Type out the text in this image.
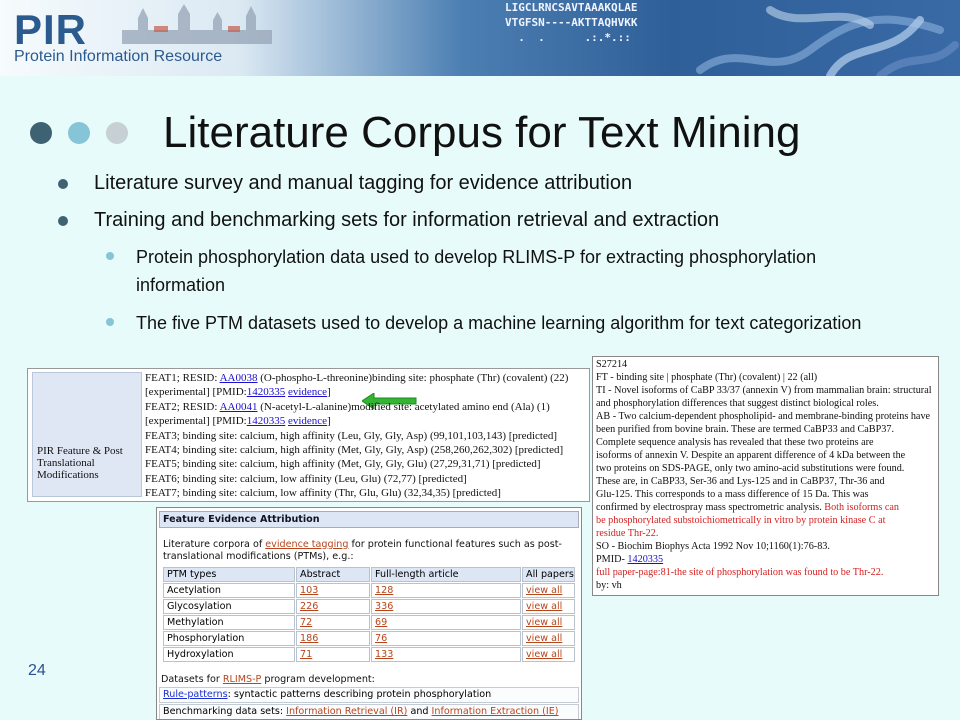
PIR
Protein Information Resource
LIGCLRNCSAVTAAAKQLAE
VTGFSN----AKTTAQHVKK
.  .      .:.*.::
Literature Corpus for Text Mining
Literature survey and manual tagging for evidence attribution
Training and benchmarking sets for information retrieval and extraction
Protein phosphorylation data used to develop RLIMS-P for extracting phosphorylation information
The five PTM datasets used to develop a machine learning algorithm for text categorization
PIR Feature & Post Translational Modifications
FEAT1; RESID: AA0038 (O-phospho-L-threonine)binding site: phosphate (Thr) (covalent) (22)
[experimental] [PMID:1420335 evidence]
FEAT2; RESID: AA0041 (N-acetyl-L-alanine)modified site: acetylated amino end (Ala) (1)
[experimental] [PMID:1420335 evidence]
FEAT3; binding site: calcium, high affinity (Leu, Gly, Gly, Asp) (99,101,103,143) [predicted]
FEAT4; binding site: calcium, high affinity (Met, Gly, Gly, Asp) (258,260,262,302) [predicted]
FEAT5; binding site: calcium, high affinity (Met, Gly, Gly, Glu) (27,29,31,71) [predicted]
FEAT6; binding site: calcium, low affinity (Leu, Glu) (72,77) [predicted]
FEAT7; binding site: calcium, low affinity (Thr, Glu, Glu) (32,34,35) [predicted]
S27214
FT - binding site | phosphate (Thr) (covalent) | 22 (all)
TI - Novel isoforms of CaBP 33/37 (annexin V) from mammalian brain: structural
and phosphorylation differences that suggest distinct biological roles.
AB - Two calcium-dependent phospholipid- and membrane-binding proteins have
been purified from bovine brain. These are termed CaBP33 and CaBP37.
Complete sequence analysis has revealed that these two proteins are
isoforms of annexin V. Despite an apparent difference of 4 kDa between the
two proteins on SDS-PAGE, only two amino-acid substitutions were found.
These are, in CaBP33, Ser-36 and Lys-125 and in CaBP37, Thr-36 and
Glu-125. This corresponds to a mass difference of 15 Da. This was
confirmed by electrospray mass spectrometric analysis. Both isoforms can
be phosphorylated substoichiometrically in vitro by protein kinase C at
residue Thr-22.
SO - Biochim Biophys Acta 1992 Nov 10;1160(1):76-83.
PMID- 1420335
full paper-page:81-the site of phosphorylation was found to be Thr-22.
by: vh
Feature Evidence Attribution
Literature corpora of evidence tagging for protein functional features such as post-
translational modifications (PTMs), e.g.:
PTM types	Abstract	Full-length article	All papers
Acetylation	103	128	view all
Glycosylation	226	336	view all
Methylation	72	69	view all
Phosphorylation	186	76	view all
Hydroxylation	71	133	view all
Datasets for RLIMS-P program development:
Rule-patterns: syntactic patterns describing protein phosphorylation
Benchmarking data sets: Information Retrieval (IR) and Information Extraction (IE)
24
